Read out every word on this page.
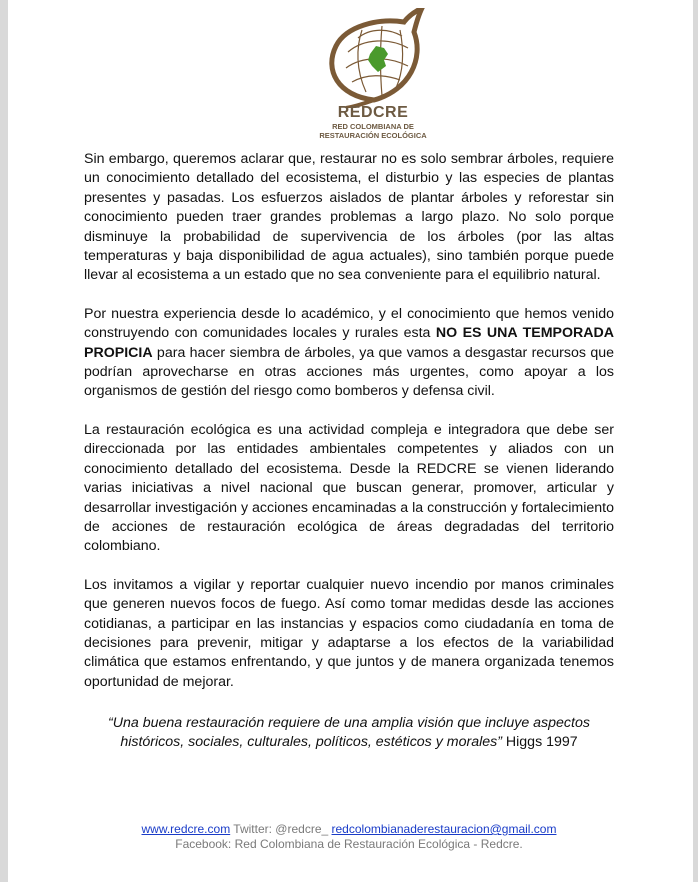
REDCRE
RED COLOMBIANA DE
RESTAURACIÓN ECOLÓGICA

Sin embargo, queremos aclarar que, restaurar no es solo sembrar árboles, requiere un conocimiento detallado del ecosistema, el disturbio y las especies de plantas presentes y pasadas. Los esfuerzos aislados de plantar árboles y reforestar sin conocimiento pueden traer grandes problemas a largo plazo. No solo porque disminuye la probabilidad de supervivencia de los árboles (por las altas temperaturas y baja disponibilidad de agua actuales), sino también porque puede llevar al ecosistema a un estado que no sea conveniente para el equilibrio natural.

Por nuestra experiencia desde lo académico, y el conocimiento que hemos venido construyendo con comunidades locales y rurales esta NO ES UNA TEMPORADA PROPICIA para hacer siembra de árboles, ya que vamos a desgastar recursos que podrían aprovecharse en otras acciones más urgentes, como apoyar a los organismos de gestión del riesgo como bomberos y defensa civil.

La restauración ecológica es una actividad compleja e integradora que debe ser direccionada por las entidades ambientales competentes y aliados con un conocimiento detallado del ecosistema. Desde la REDCRE se vienen liderando varias iniciativas a nivel nacional que buscan generar, promover, articular y desarrollar investigación y acciones encaminadas a la construcción y fortalecimiento de acciones de restauración ecológica de áreas degradadas del territorio colombiano.

Los invitamos a vigilar y reportar cualquier nuevo incendio por manos criminales que generen nuevos focos de fuego. Así como tomar medidas desde las acciones cotidianas, a participar en las instancias y espacios como ciudadanía en toma de decisiones para prevenir, mitigar y adaptarse a los efectos de la variabilidad climática que estamos enfrentando, y que juntos y de manera organizada tenemos oportunidad de mejorar.

“Una buena restauración requiere de una amplia visión que incluye aspectos históricos, sociales, culturales, políticos, estéticos y morales” Higgs 1997
www.redcre.com Twitter: @redcre_ redcolombianaderestauracion@gmail.com
Facebook: Red Colombiana de Restauración Ecológica - Redcre.
